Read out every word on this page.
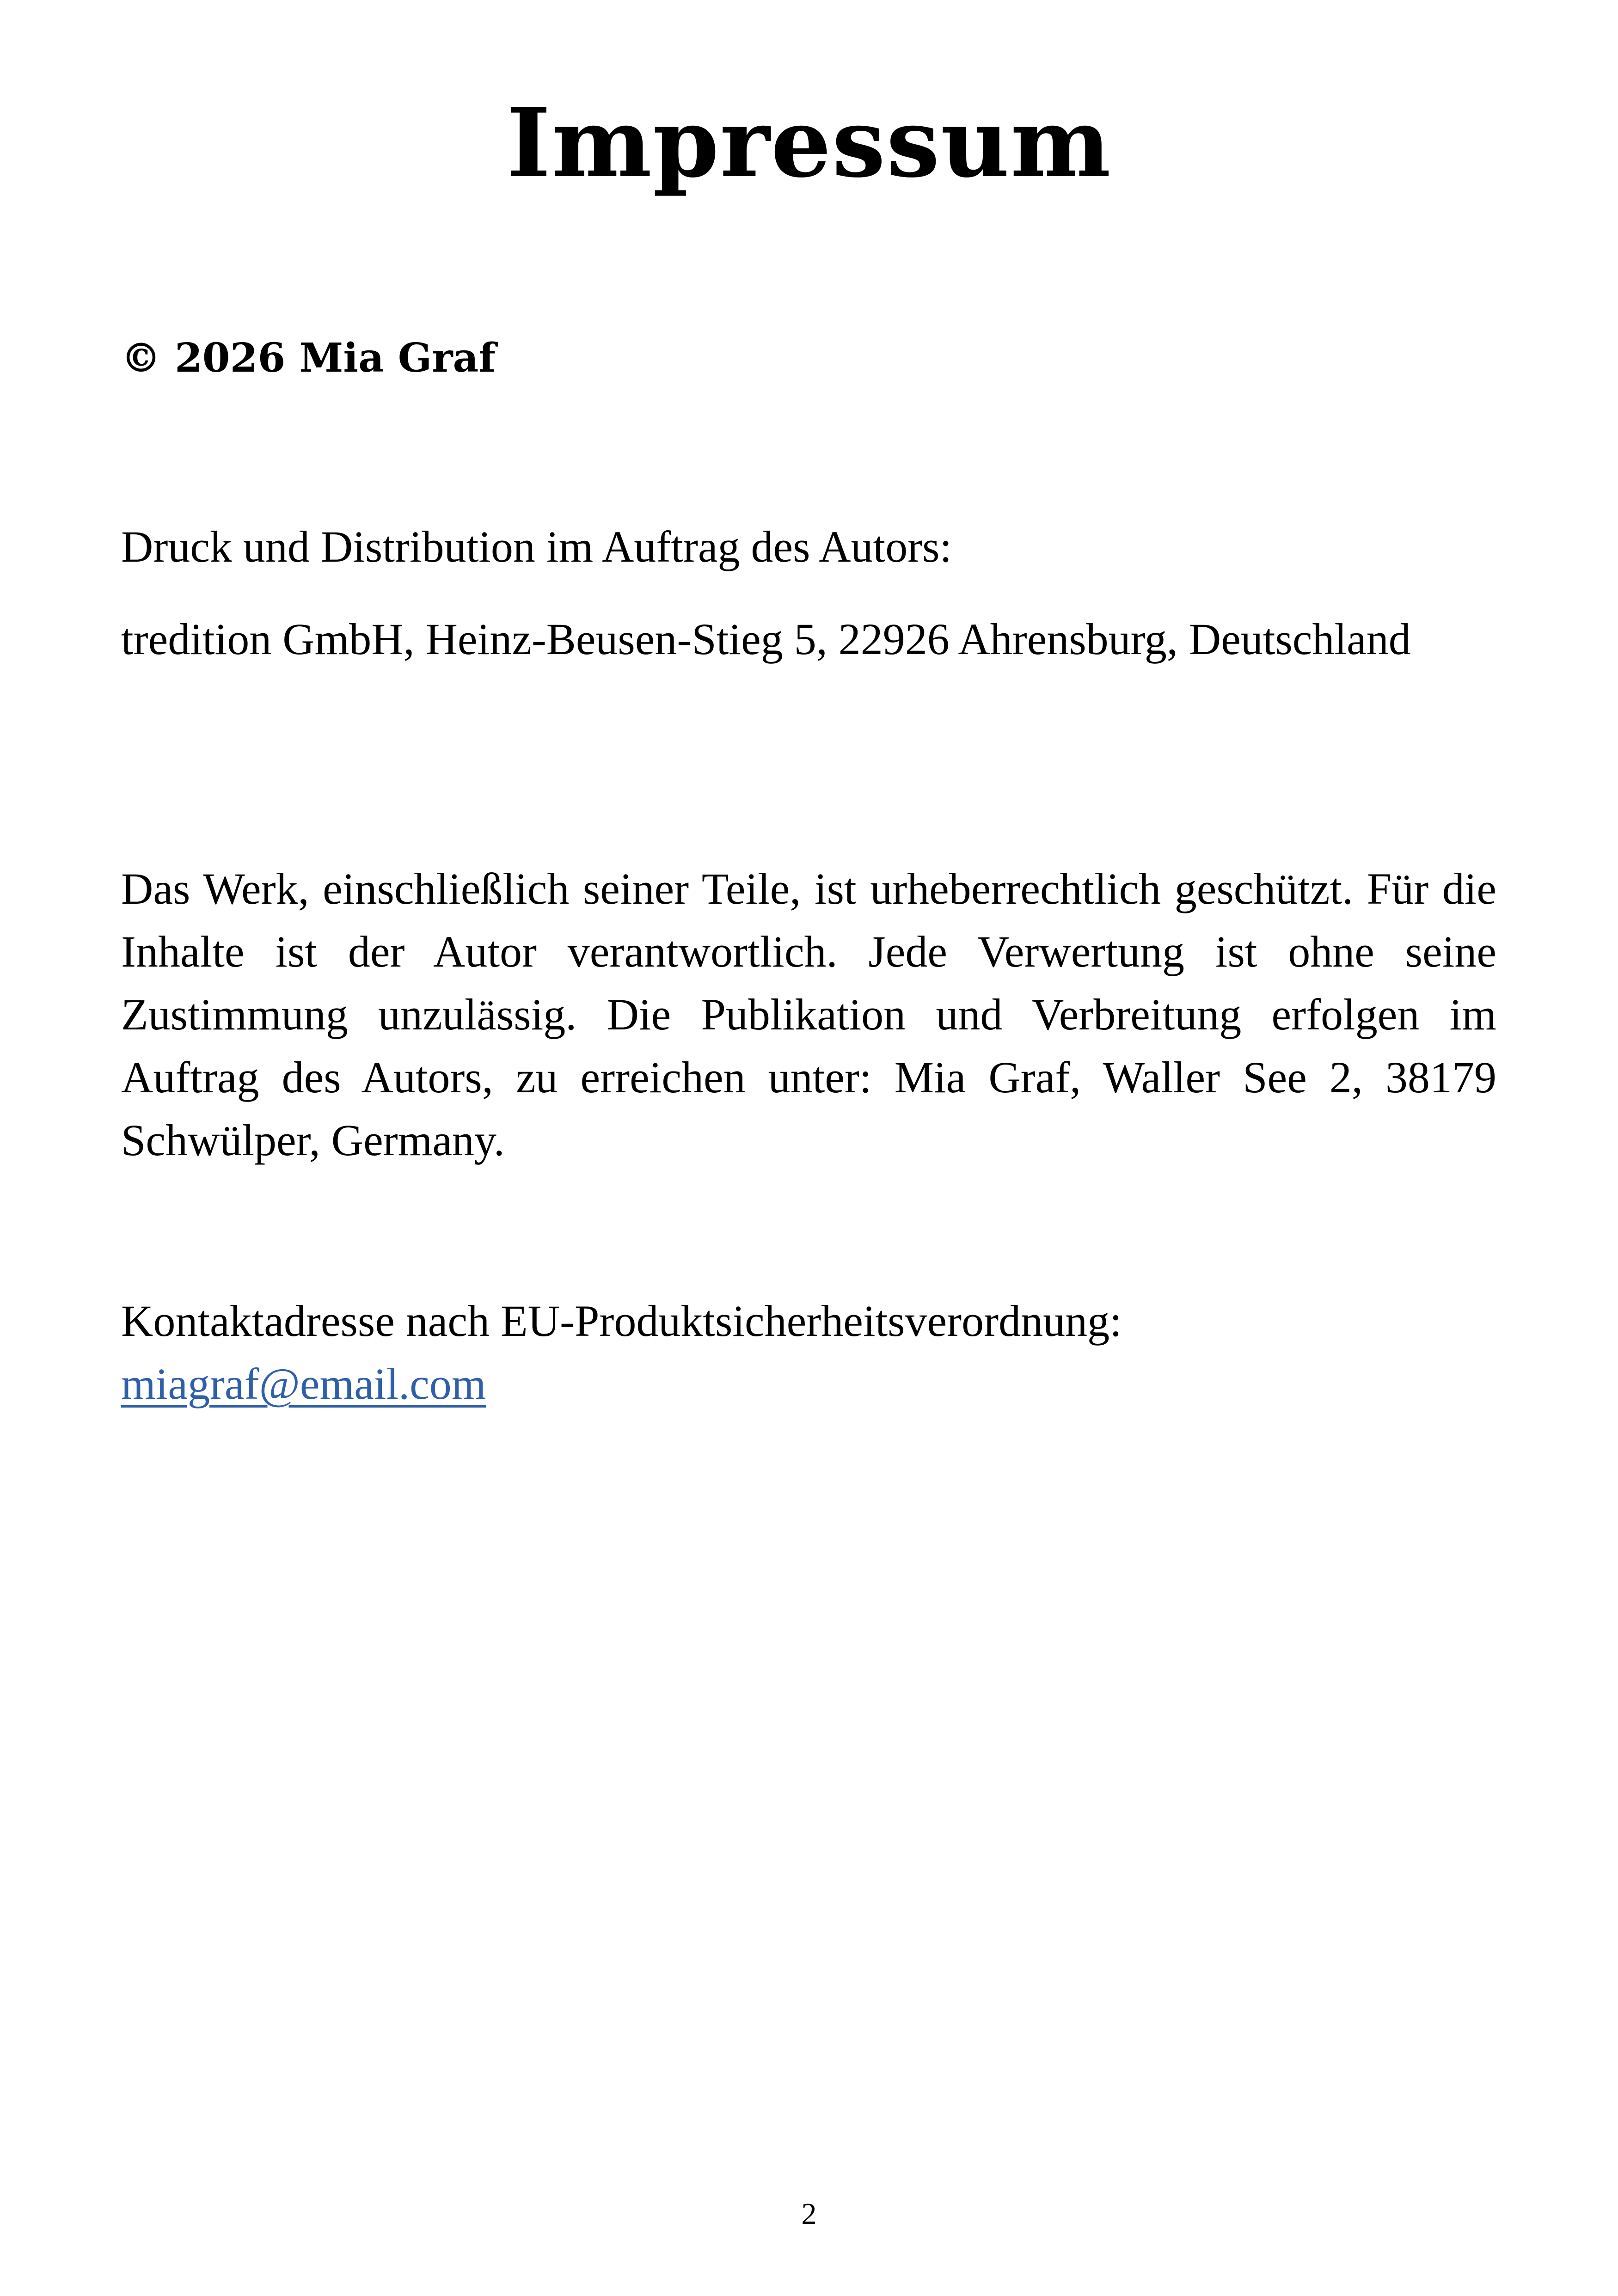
Impressum
© 2026 Mia Graf
Druck und Distribution im Auftrag des Autors:
tredition GmbH, Heinz-Beusen-Stieg 5, 22926 Ahrensburg, Deutschland
Das Werk, einschließlich seiner Teile, ist urheberrechtlich geschützt. Für die Inhalte ist der Autor verantwortlich. Jede Verwertung ist ohne seine Zustimmung unzulässig. Die Publikation und Verbreitung erfolgen im Auftrag des Autors, zu erreichen unter: Mia Graf, Waller See 2, 38179 Schwülper, Germany.
Kontaktadresse nach EU-Produktsicherheitsverordnung:
miagraf@email.com
2
